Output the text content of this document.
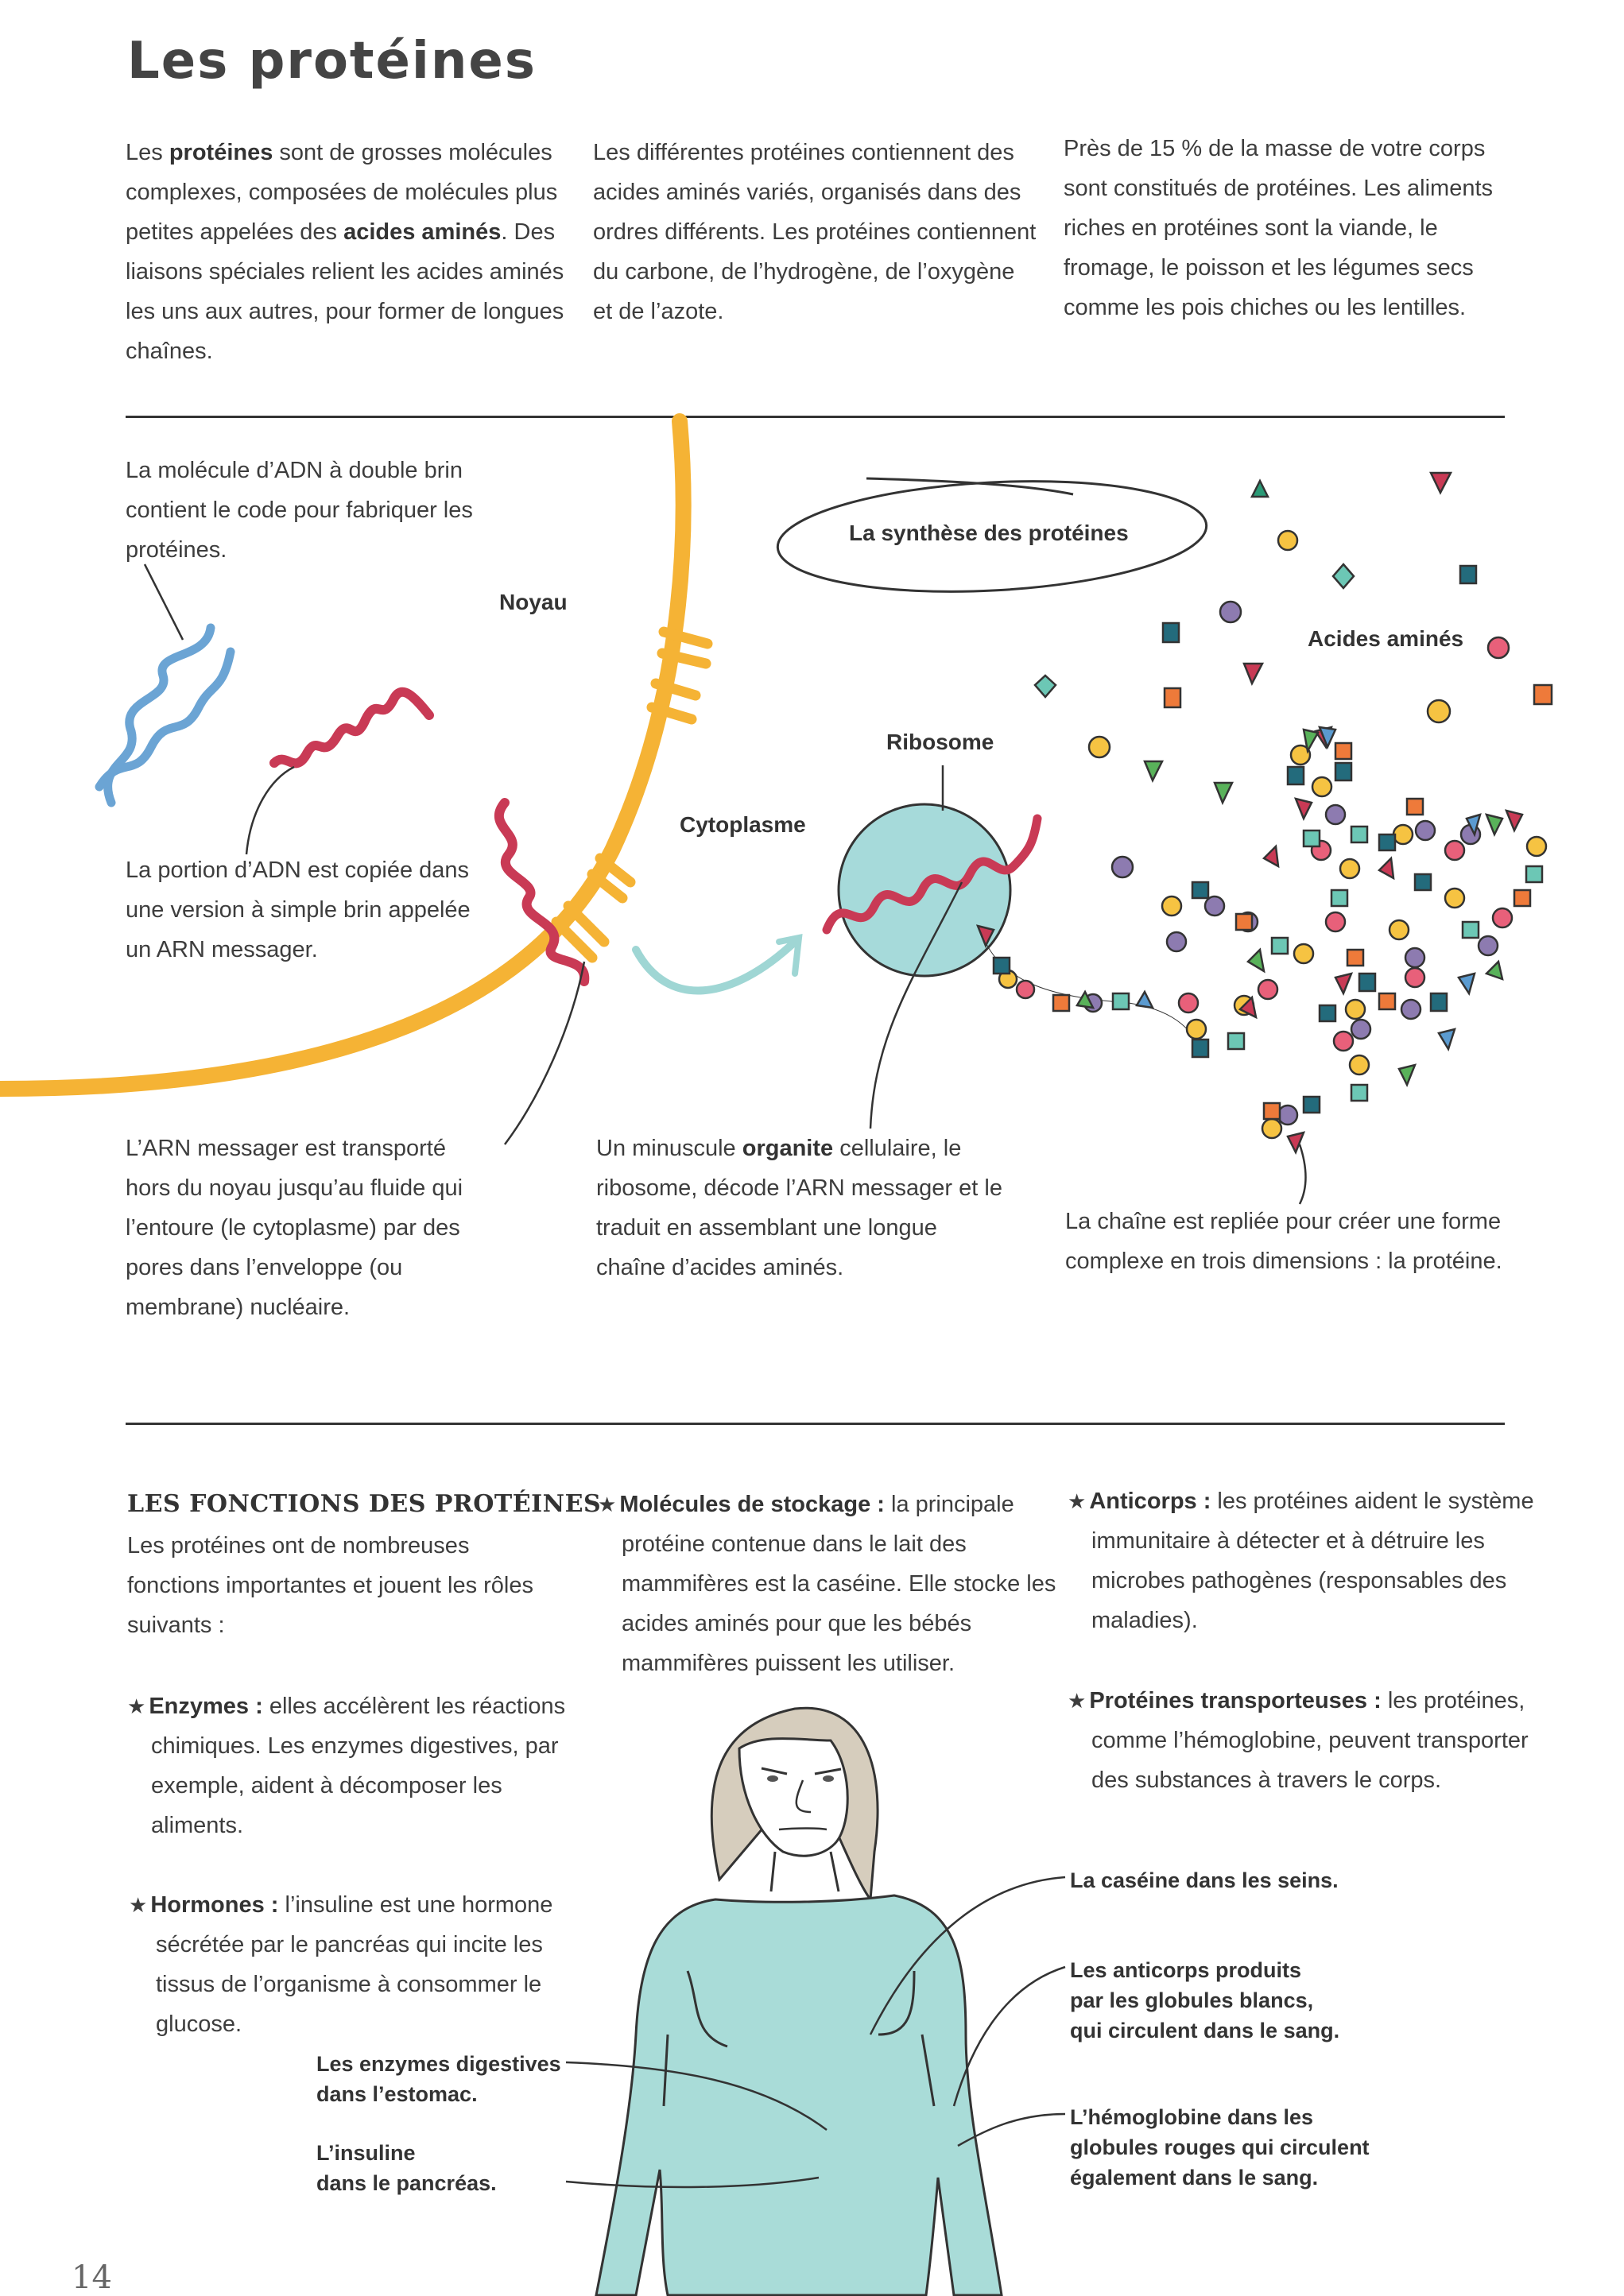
Les protéines
Les protéines sont de grosses molécules complexes, composées de molécules plus petites appelées des acides aminés. Des liaisons spéciales relient les acides aminés les uns aux autres, pour former de longues chaînes.
Les différentes protéines contiennent des acides aminés variés, organisés dans des ordres différents. Les protéines contiennent du carbone, de l’hydrogène, de l’oxygène et de l’azote.
Près de 15 % de la masse de votre corps sont constitués de protéines. Les aliments riches en protéines sont la viande, le fromage, le poisson et les légumes secs comme les pois chiches ou les lentilles.
La synthèse des protéines
Noyau
Cytoplasme
Ribosome
Acides aminés
La molécule d’ADN à double brin contient le code pour fabriquer les protéines.
La portion d’ADN est copiée dans une version à simple brin appelée un ARN messager.
L’ARN messager est transporté hors du noyau jusqu’au fluide qui l’entoure (le cytoplasme) par des pores dans l’enveloppe (ou membrane) nucléaire.
Un minuscule organite cellulaire, le ribosome, décode l’ARN messager et le traduit en assemblant une longue chaîne d’acides aminés.
La chaîne est repliée pour créer une forme complexe en trois dimensions : la protéine.
LES FONCTIONS DES PROTÉINES
Les protéines ont de nombreuses fonctions importantes et jouent les rôles suivants :
★ Enzymes : elles accélèrent les réactions chimiques. Les enzymes digestives, par exemple, aident à décomposer les aliments.
★ Hormones : l’insuline est une hormone sécrétée par le pancréas qui incite les tissus de l’organisme à consommer le glucose.
★ Molécules de stockage : la principale protéine contenue dans le lait des mammifères est la caséine. Elle stocke les acides aminés pour que les bébés mammifères puissent les utiliser.
★ Anticorps : les protéines aident le système immunitaire à détecter et à détruire les microbes pathogènes (responsables des maladies).
★ Protéines transporteuses : les protéines, comme l’hémoglobine, peuvent transporter des substances à travers le corps.
Les enzymes digestives
dans l’estomac.
L’insuline
dans le pancréas.
La caséine dans les seins.
Les anticorps produits
par les globules blancs,
qui circulent dans le sang.
L’hémoglobine dans les
globules rouges qui circulent
également dans le sang.
14
